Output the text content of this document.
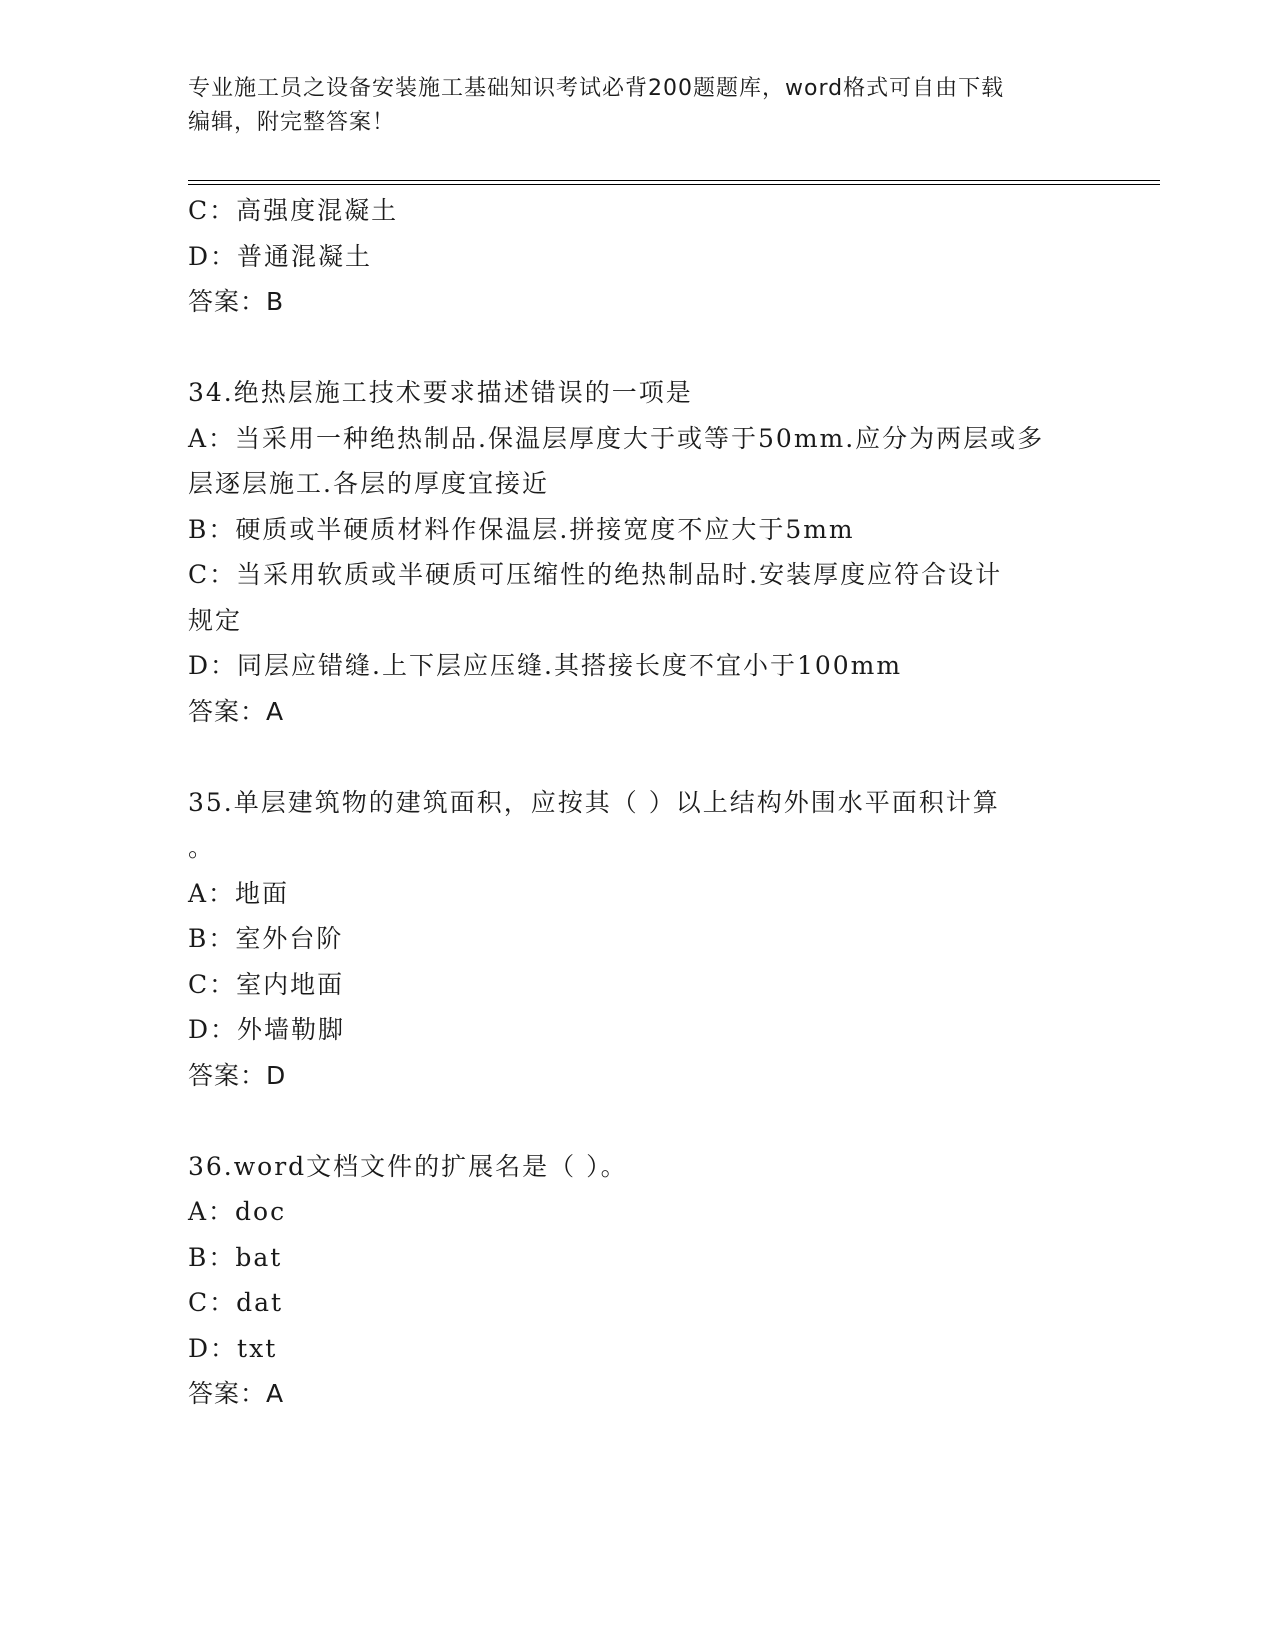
专业施工员之设备安装施工基础知识考试必背200题题库，word格式可自由下载
编辑，附完整答案！
C：高强度混凝土
D：普通混凝土
答案：B
34.绝热层施工技术要求描述错误的一项是
A：当采用一种绝热制品.保温层厚度大于或等于50mm.应分为两层或多
层逐层施工.各层的厚度宜接近
B：硬质或半硬质材料作保温层.拼接宽度不应大于5mm
C：当采用软质或半硬质可压缩性的绝热制品时.安装厚度应符合设计
规定
D：同层应错缝.上下层应压缝.其搭接长度不宜小于100mm
答案：A
35.单层建筑物的建筑面积，应按其（ ）以上结构外围水平面积计算
。
A：地面
B：室外台阶
C：室内地面
D：外墙勒脚
答案：D
36.word文档文件的扩展名是（ ）。
A：doc
B：bat
C：dat
D：txt
答案：A
